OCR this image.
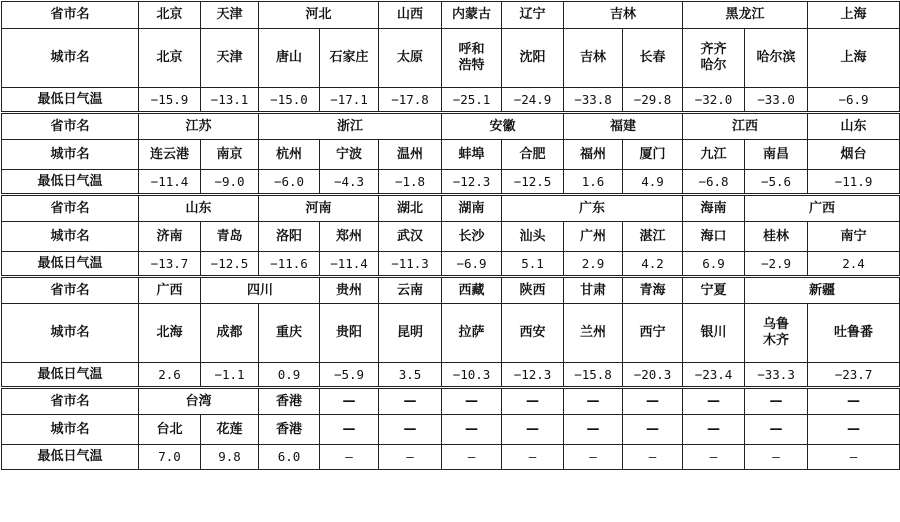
省市名	北京	天津	河北		山西	内蒙古	辽宁	吉林		黑龙江		上海
城市名	北京	天津	唐山	石家庄	太原	呼和
浩特	沈阳	吉林	长春	齐齐
哈尔	哈尔滨	上海
最低日气温	−15.9	−13.1	−15.0	−17.1	−17.8	−25.1	−24.9	−33.8	−29.8	−32.0	−33.0	−6.9
省市名	江苏		浙江			安徽		福建		江西		山东
城市名	连云港	南京	杭州	宁波	温州	蚌埠	合肥	福州	厦门	九江	南昌	烟台
最低日气温	−11.4	−9.0	−6.0	−4.3	−1.8	−12.3	−12.5	1.6	4.9	−6.8	−5.6	−11.9
省市名	山东		河南		湖北	湖南	广东			海南	广西	
城市名	济南	青岛	洛阳	郑州	武汉	长沙	汕头	广州	湛江	海口	桂林	南宁
最低日气温	−13.7	−12.5	−11.6	−11.4	−11.3	−6.9	5.1	2.9	4.2	6.9	−2.9	2.4
省市名	广西	四川		贵州	云南	西藏	陕西	甘肃	青海	宁夏	新疆	
城市名	北海	成都	重庆	贵阳	昆明	拉萨	西安	兰州	西宁	银川	乌鲁
木齐	吐鲁番
最低日气温	2.6	−1.1	0.9	−5.9	3.5	−10.3	−12.3	−15.8	−20.3	−23.4	−33.3	−23.7
省市名	台湾		香港	—	—	—	—	—	—	—	—	—
城市名	台北	花莲	香港	—	—	—	—	—	—	—	—	—
最低日气温	7.0	9.8	6.0	—	—	—	—	—	—	—	—	—
